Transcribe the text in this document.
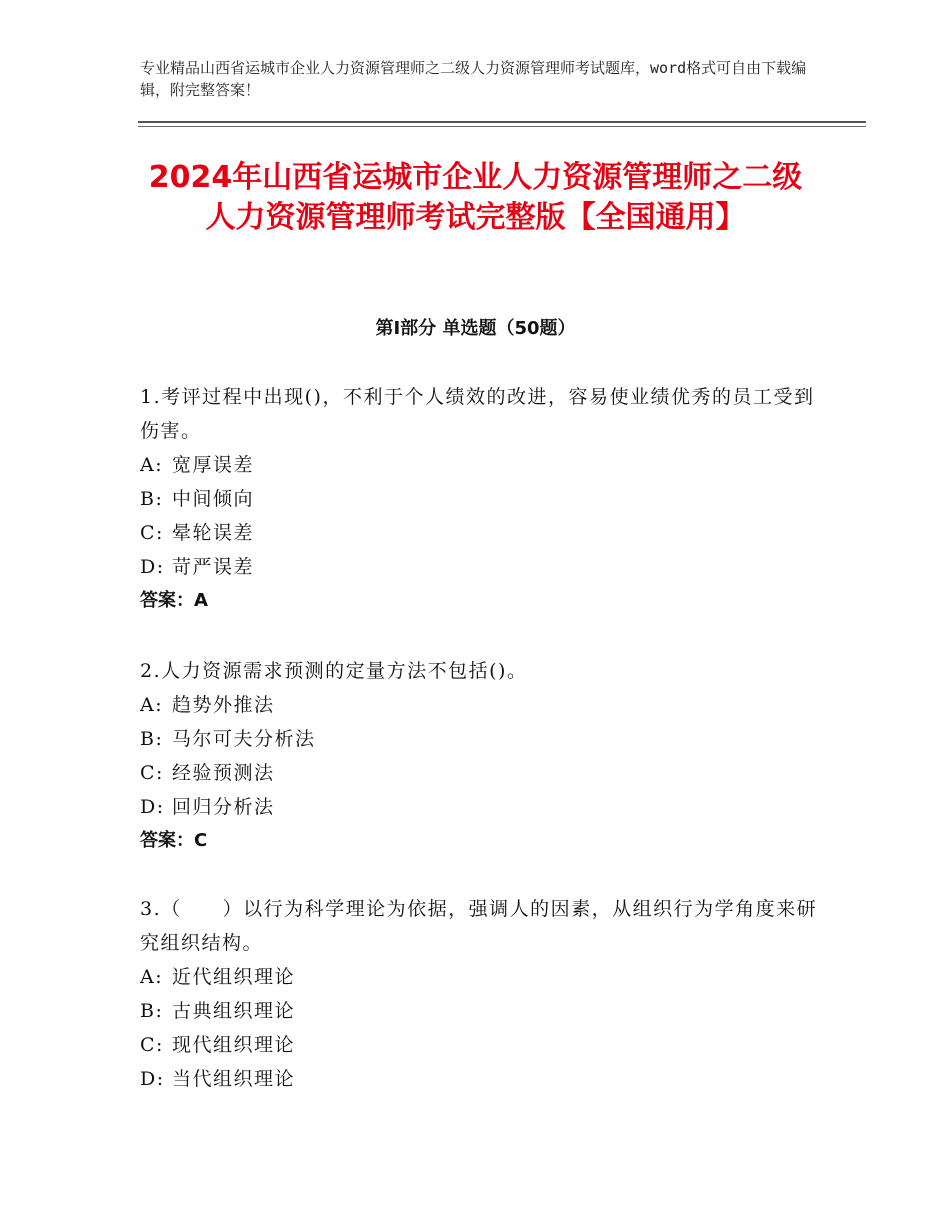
专业精品山西省运城市企业人力资源管理师之二级人力资源管理师考试题库，word格式可自由下载编辑，附完整答案！
2024年山西省运城市企业人力资源管理师之二级人力资源管理师考试完整版【全国通用】
第Ⅰ部分 单选题（50题）
1.考评过程中出现()，不利于个人绩效的改进，容易使业绩优秀的员工受到伤害。
A: 宽厚误差
B: 中间倾向
C: 晕轮误差
D: 苛严误差
答案：A
2.人力资源需求预测的定量方法不包括()。
A: 趋势外推法
B: 马尔可夫分析法
C: 经验预测法
D: 回归分析法
答案：C
3.（　　）以行为科学理论为依据，强调人的因素，从组织行为学角度来研究组织结构。
A: 近代组织理论
B: 古典组织理论
C: 现代组织理论
D: 当代组织理论
